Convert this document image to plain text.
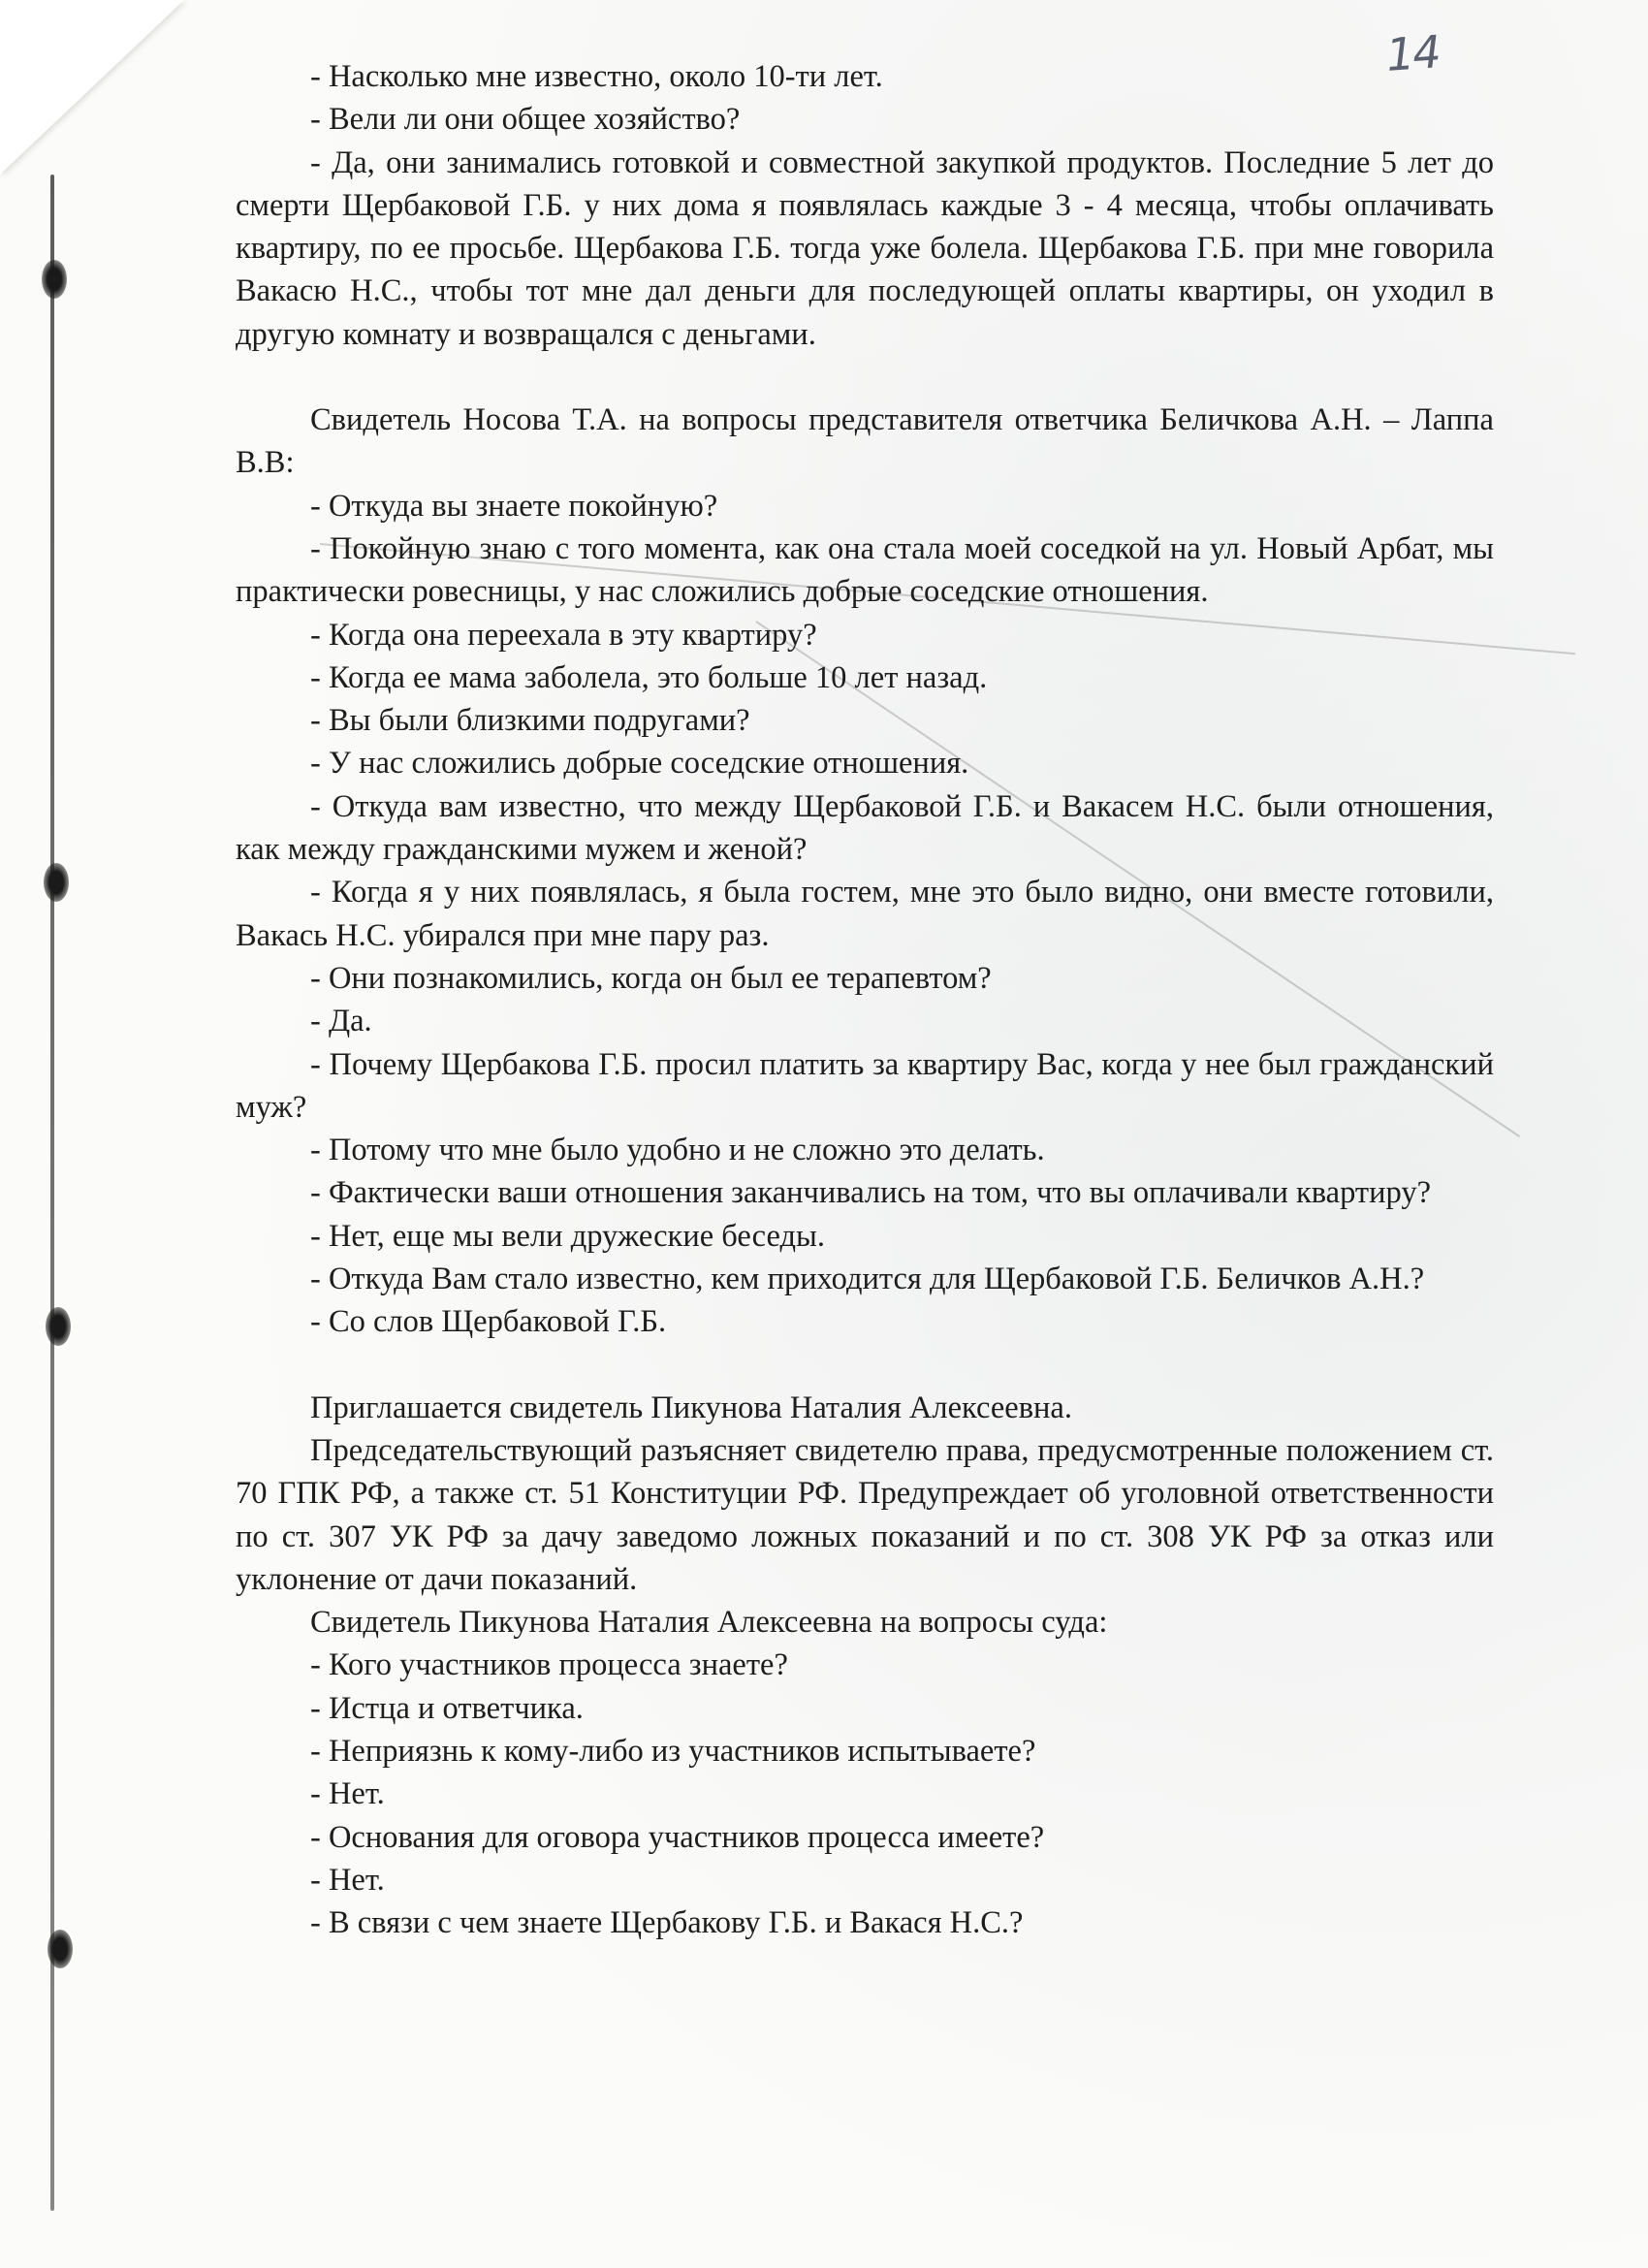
14

- Насколько мне известно, около 10-ти лет.

- Вели ли они общее хозяйство?

- Да, они занимались готовкой и совместной закупкой продуктов. Последние 5 лет до смерти Щербаковой Г.Б. у них дома я появлялась каждые 3 - 4 месяца, чтобы оплачивать квартиру, по ее просьбе. Щербакова Г.Б. тогда уже болела. Щербакова Г.Б. при мне говорила Вакасю Н.С., чтобы тот мне дал деньги для последующей оплаты квартиры, он уходил в другую комнату и возвращался с деньгами.

Свидетель Носова Т.А. на вопросы представителя ответчика Беличкова А.Н. – Лаппа В.В:

- Откуда вы знаете покойную?

- Покойную знаю с того момента, как она стала моей соседкой на ул. Новый Арбат, мы практически ровесницы, у нас сложились добрые соседские отношения.

- Когда она переехала в эту квартиру?

- Когда ее мама заболела, это больше 10 лет назад.

- Вы были близкими подругами?

- У нас сложились добрые соседские отношения.

- Откуда вам известно, что между Щербаковой Г.Б. и Вакасем Н.С. были отношения, как между гражданскими мужем и женой?

- Когда я у них появлялась, я была гостем, мне это было видно, они вместе готовили, Вакась Н.С. убирался при мне пару раз.

- Они познакомились, когда он был ее терапевтом?

- Да.

- Почему Щербакова Г.Б. просил платить за квартиру Вас, когда у нее был гражданский муж?

- Потому что мне было удобно и не сложно это делать.

- Фактически ваши отношения заканчивались на том, что вы оплачивали квартиру?

- Нет, еще мы вели дружеские беседы.

- Откуда Вам стало известно, кем приходится для Щербаковой Г.Б. Беличков А.Н.?

- Со слов Щербаковой Г.Б.

Приглашается свидетель Пикунова Наталия Алексеевна.

Председательствующий разъясняет свидетелю права, предусмотренные положением ст. 70 ГПК РФ, а также ст. 51 Конституции РФ. Предупреждает об уголовной ответственности по ст. 307 УК РФ за дачу заведомо ложных показаний и по ст. 308 УК РФ за отказ или уклонение от дачи показаний.

Свидетель Пикунова Наталия Алексеевна на вопросы суда:

- Кого участников процесса знаете?

- Истца и ответчика.

- Неприязнь к кому-либо из участников испытываете?

- Нет.

- Основания для оговора участников процесса имеете?

- Нет.

- В связи с чем знаете Щербакову Г.Б. и Вакася Н.С.?
